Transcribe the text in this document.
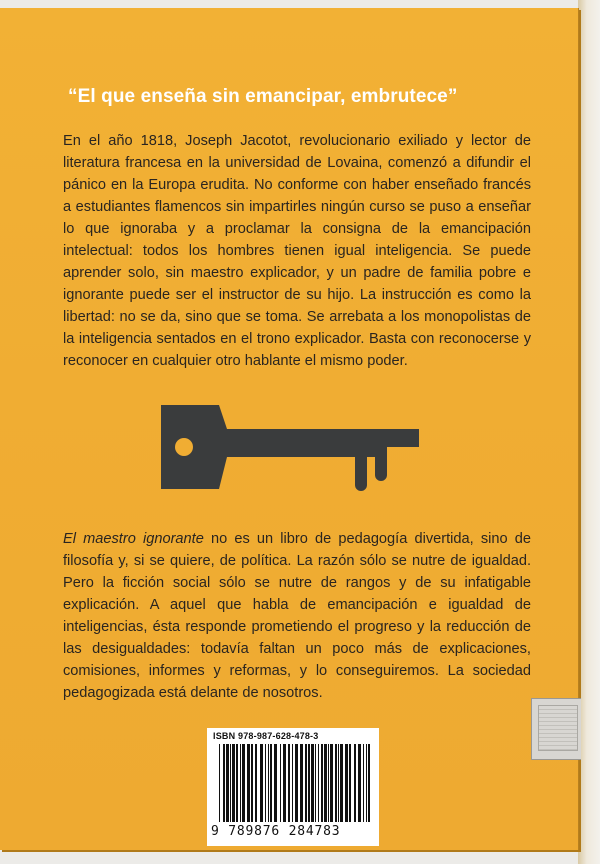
“El que enseña sin emancipar, embrutece”

En el año 1818, Joseph Jacotot, revolucionario exiliado y lector de literatura francesa en la universidad de Lovaina, comenzó a difundir el pánico en la Europa erudita. No conforme con haber enseñado francés a estudiantes flamencos sin impartirles ningún curso se puso a enseñar lo que ignoraba y a proclamar la consigna de la emancipación intelectual: todos los hombres tienen igual inteligencia. Se puede aprender solo, sin maestro explicador, y un padre de familia pobre e ignorante puede ser el instructor de su hijo. La instrucción es como la libertad: no se da, sino que se toma. Se arrebata a los monopolistas de la inteligencia sentados en el trono explicador. Basta con reconocerse y reconocer en cualquier otro hablante el mismo poder.

El maestro ignorante no es un libro de pedagogía divertida, sino de filosofía y, si se quiere, de política. La razón sólo se nutre de igualdad. Pero la ficción social sólo se nutre de rangos y de su infatigable explicación. A aquel que habla de emancipación e igualdad de inteligencias, ésta responde prometiendo el progreso y la reducción de las desigualdades: todavía faltan un poco más de explicaciones, comisiones, informes y reformas, y lo conseguiremos. La sociedad pedagogizada está delante de nosotros.

ISBN 978-987-628-478-3
9 789876 284783
